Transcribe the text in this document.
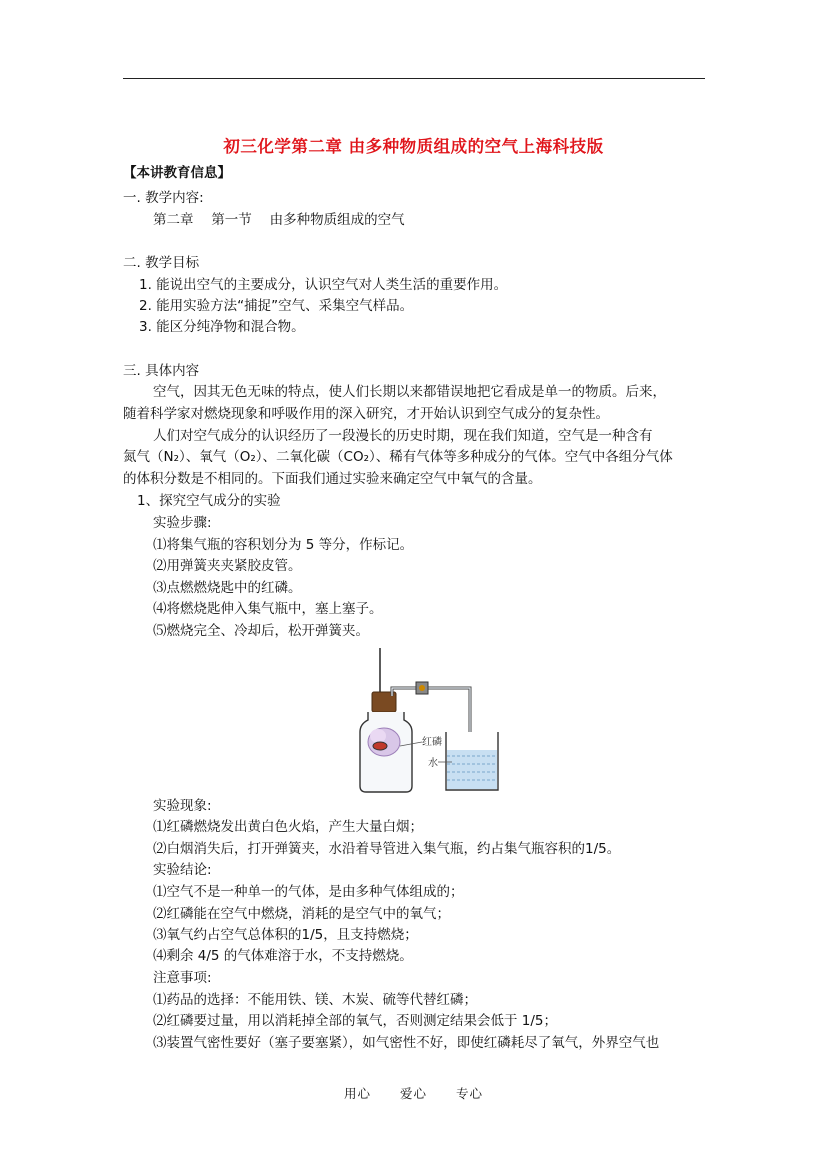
初三化学第二章 由多种物质组成的空气上海科技版
【本讲教育信息】
一. 教学内容:
第二章　 第一节　 由多种物质组成的空气
二. 教学目标
1. 能说出空气的主要成分，认识空气对人类生活的重要作用。
2. 能用实验方法“捕捉”空气、采集空气样品。
3. 能区分纯净物和混合物。
三. 具体内容
空气，因其无色无味的特点，使人们长期以来都错误地把它看成是单一的物质。后来，
随着科学家对燃烧现象和呼吸作用的深入研究，才开始认识到空气成分的复杂性。
人们对空气成分的认识经历了一段漫长的历史时期，现在我们知道，空气是一种含有
氮气（N₂）、氧气（O₂）、二氧化碳（CO₂）、稀有气体等多种成分的气体。空气中各组分气体
的体积分数是不相同的。下面我们通过实验来确定空气中氧气的含量。
1、探究空气成分的实验
实验步骤:
⑴将集气瓶的容积划分为 5 等分，作标记。
⑵用弹簧夹夹紧胶皮管。
⑶点燃燃烧匙中的红磷。
⑷将燃烧匙伸入集气瓶中，塞上塞子。
⑸燃烧完全、冷却后，松开弹簧夹。
红磷
水
实验现象:
⑴红磷燃烧发出黄白色火焰，产生大量白烟；
⑵白烟消失后，打开弹簧夹，水沿着导管进入集气瓶，约占集气瓶容积的1/5。
实验结论:
⑴空气不是一种单一的气体，是由多种气体组成的；
⑵红磷能在空气中燃烧，消耗的是空气中的氧气；
⑶氧气约占空气总体积的1/5，且支持燃烧；
⑷剩余 4/5 的气体难溶于水，不支持燃烧。
注意事项:
⑴药品的选择：不能用铁、镁、木炭、硫等代替红磷；
⑵红磷要过量，用以消耗掉全部的氧气，否则测定结果会低于 1/5；
⑶装置气密性要好（塞子要塞紧），如气密性不好，即使红磷耗尽了氧气，外界空气也
用心 爱心 专心
